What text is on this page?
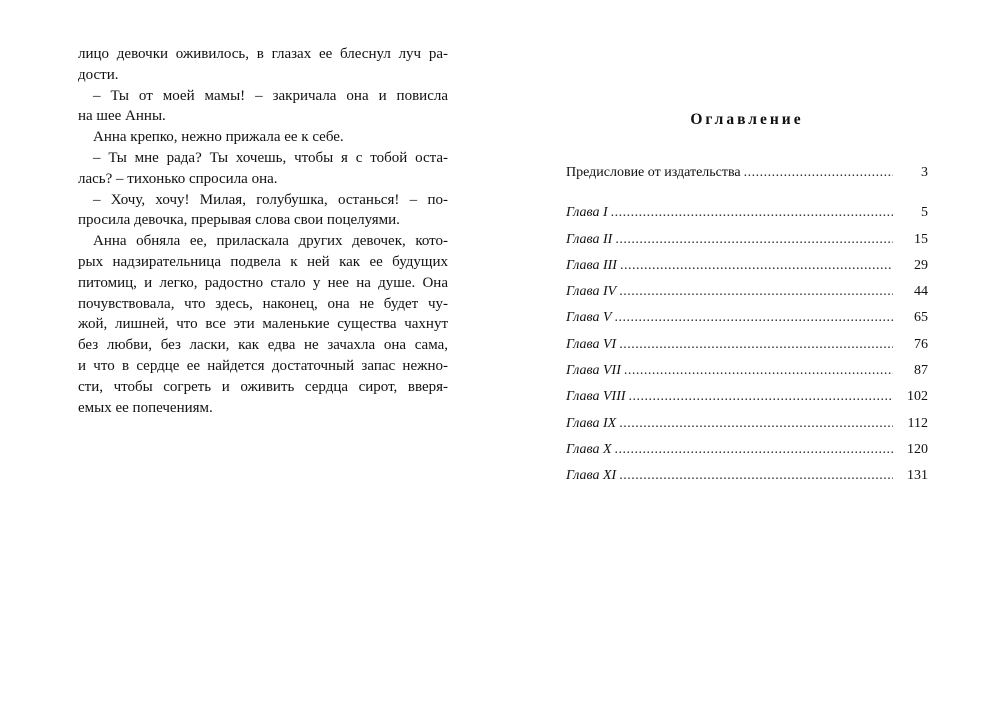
лицо девочки оживилось, в глазах ее блеснул луч ра-
дости.
– Ты от моей мамы! – закричала она и повисла
на шее Анны.
Анна крепко, нежно прижала ее к себе.
– Ты мне рада? Ты хочешь, чтобы я с тобой оста-
лась? – тихонько спросила она.
– Хочу, хочу! Милая, голубушка, останься! – по-
просила девочка, прерывая слова свои поцелуями.
Анна обняла ее, приласкала других девочек, кото-
рых надзирательница подвела к ней как ее будущих
питомиц, и легко, радостно стало у нее на душе. Она
почувствовала, что здесь, наконец, она не будет чу-
жой, лишней, что все эти маленькие существа чахнут
без любви, без ласки, как едва не зачахла она сама,
и что в сердце ее найдется достаточный запас нежно-
сти, чтобы согреть и оживить сердца сирот, вверя-
емых ее попечениям.
Оглавление
Предисловие от издательства .....	3
Глава I .....	5
Глава II .....	15
Глава III .....	29
Глава IV .....	44
Глава V .....	65
Глава VI .....	76
Глава VII .....	87
Глава VIII .....	102
Глава IX .....	112
Глава X .....	120
Глава XI .....	131
